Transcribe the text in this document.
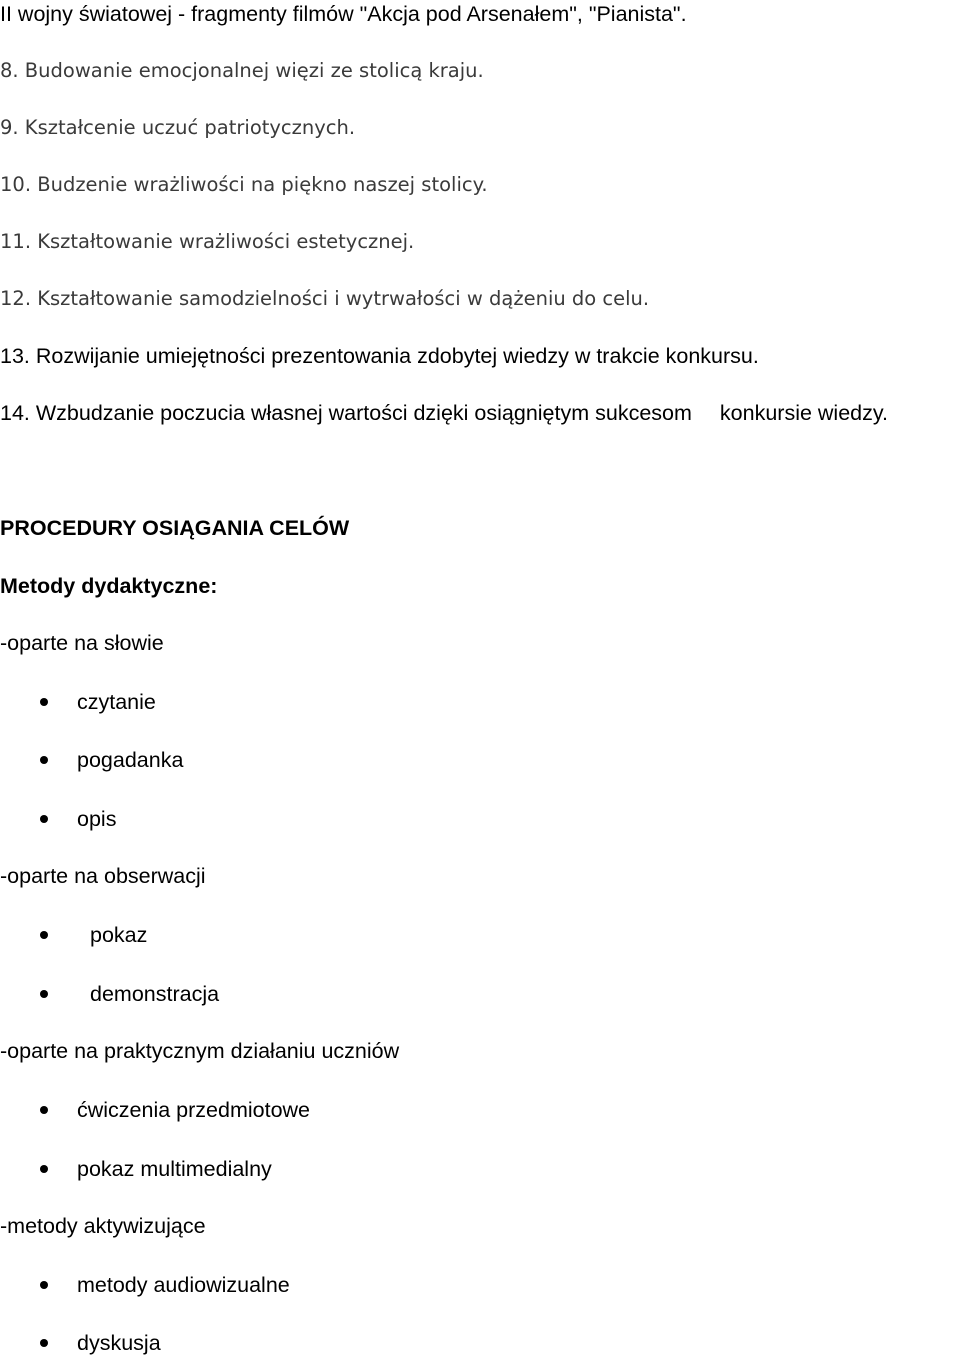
II wojny światowej - fragmenty filmów "Akcja pod Arsenałem", "Pianista".
8. Budowanie emocjonalnej więzi ze stolicą kraju.
9. Kształcenie uczuć patriotycznych.
10. Budzenie wrażliwości na piękno naszej stolicy.
11. Kształtowanie wrażliwości estetycznej.
12. Kształtowanie samodzielności i wytrwałości w dążeniu do celu.
13. Rozwijanie umiejętności prezentowania zdobytej wiedzy w trakcie konkursu.
14. Wzbudzanie poczucia własnej wartości dzięki osiągniętym sukcesom konkursie wiedzy.
PROCEDURY OSIĄGANIA CELÓW
Metody dydaktyczne:
-oparte na słowie
czytanie
pogadanka
opis
-oparte na obserwacji
pokaz
demonstracja
-oparte na praktycznym działaniu uczniów
ćwiczenia przedmiotowe
pokaz multimedialny
-metody aktywizujące
metody audiowizualne
dyskusja
